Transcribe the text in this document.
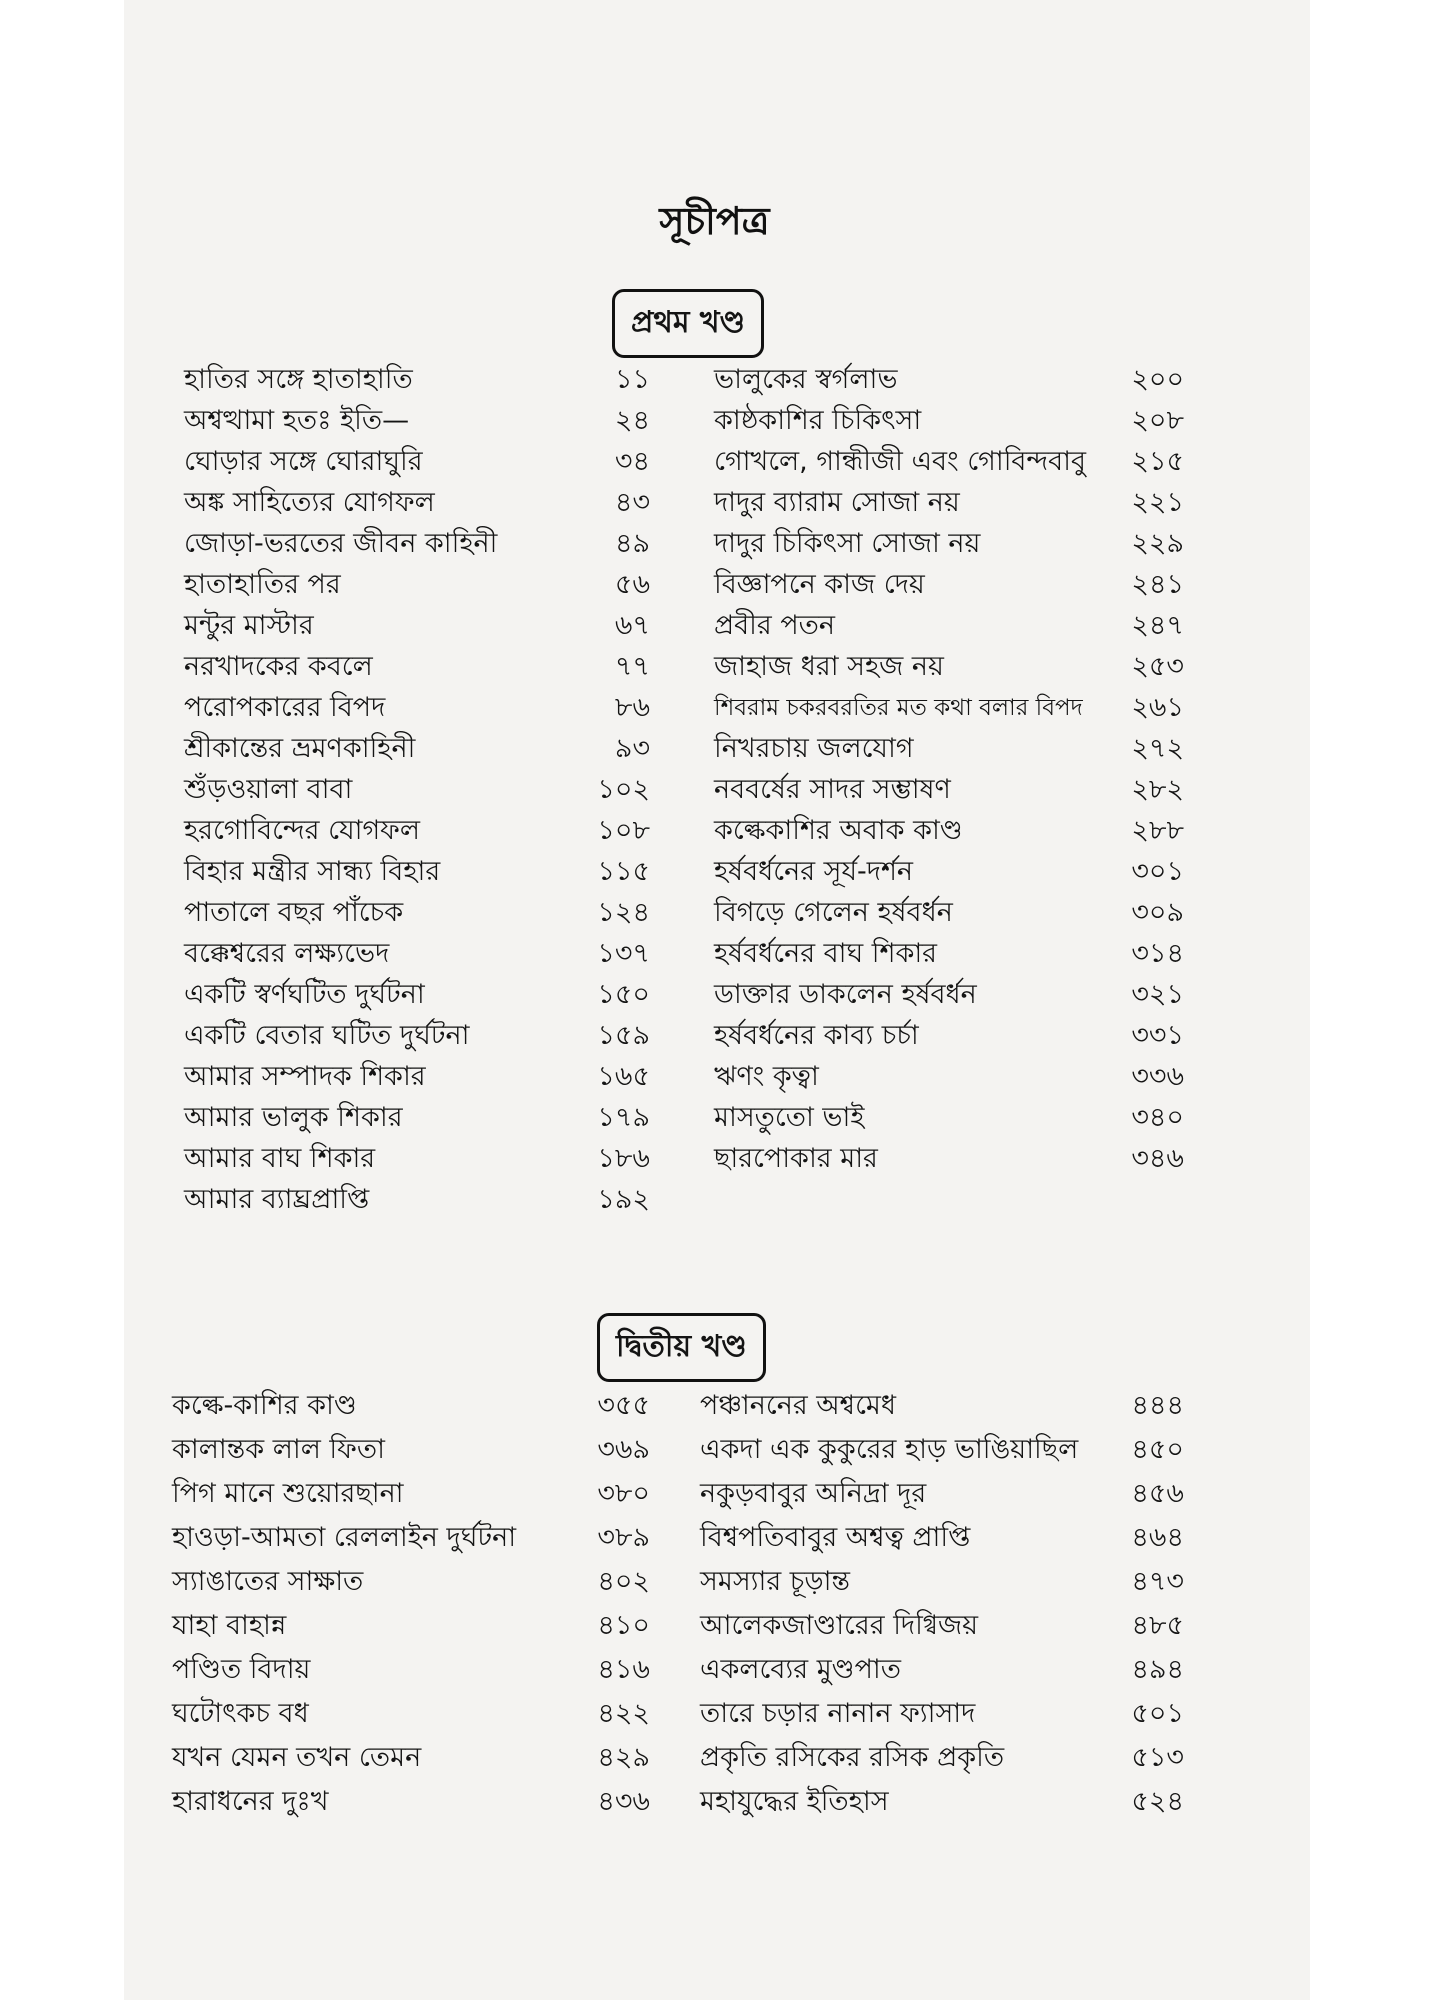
সূচীপত্র
প্রথম খণ্ড
দ্বিতীয় খণ্ড
হাতির সঙ্গে হাতাহাতি	১১
অশ্বত্থামা হতঃ ইতি—	২৪
ঘোড়ার সঙ্গে ঘোরাঘুরি	৩৪
অঙ্ক সাহিত্যের যোগফল	৪৩
জোড়া-ভরতের জীবন কাহিনী	৪৯
হাতাহাতির পর	৫৬
মন্টুর মাস্টার	৬৭
নরখাদকের কবলে	৭৭
পরোপকারের বিপদ	৮৬
শ্রীকান্তের ভ্রমণকাহিনী	৯৩
শুঁড়ওয়ালা বাবা	১০২
হরগোবিন্দের যোগফল	১০৮
বিহার মন্ত্রীর সান্ধ্য বিহার	১১৫
পাতালে বছর পাঁচেক	১২৪
বক্কেশ্বরের লক্ষ্যভেদ	১৩৭
একটি স্বর্ণঘটিত দুর্ঘটনা	১৫০
একটি বেতার ঘটিত দুর্ঘটনা	১৫৯
আমার সম্পাদক শিকার	১৬৫
আমার ভালুক শিকার	১৭৯
আমার বাঘ শিকার	১৮৬
আমার ব্যাঘ্রপ্রাপ্তি	১৯২
ভালুকের স্বর্গলাভ	২০০
কাষ্ঠকাশির চিকিৎসা	২০৮
গোখলে, গান্ধীজী এবং গোবিন্দবাবু ২১৫
দাদুর ব্যারাম সোজা নয়	২২১
দাদুর চিকিৎসা সোজা নয়	২২৯
বিজ্ঞাপনে কাজ দেয়	২৪১
প্রবীর পতন	২৪৭
জাহাজ ধরা সহজ নয়	২৫৩
শিবরাম চকরবরতির মত কথা বলার বিপদ ২৬১
নিখরচায় জলযোগ	২৭২
নববর্ষের সাদর সম্ভাষণ	২৮২
কল্কেকাশির অবাক কাণ্ড	২৮৮
হর্ষবর্ধনের সূর্য-দর্শন	৩০১
বিগড়ে গেলেন হর্ষবর্ধন	৩০৯
হর্ষবর্ধনের বাঘ শিকার	৩১৪
ডাক্তার ডাকলেন হর্ষবর্ধন	৩২১
হর্ষবর্ধনের কাব্য চর্চা	৩৩১
ঋণং কৃত্বা	৩৩৬
মাসতুতো ভাই	৩৪০
ছারপোকার মার	৩৪৬
কল্কে-কাশির কাণ্ড	৩৫৫
কালান্তক লাল ফিতা	৩৬৯
পিগ মানে শুয়োরছানা	৩৮০
হাওড়া-আমতা রেললাইন দুর্ঘটনা	৩৮৯
স্যাঙাতের সাক্ষাত	৪০২
যাহা বাহান্ন	৪১০
পণ্ডিত বিদায়	৪১৬
ঘটোৎকচ বধ	৪২২
যখন যেমন তখন তেমন	৪২৯
হারাধনের দুঃখ	৪৩৬
পঞ্চাননের অশ্বমেধ	৪৪৪
একদা এক কুকুরের হাড় ভাঙিয়াছিল ৪৫০
নকুড়বাবুর অনিদ্রা দূর	৪৫৬
বিশ্বপতিবাবুর অশ্বত্ব প্রাপ্তি	৪৬৪
সমস্যার চূড়ান্ত	৪৭৩
আলেকজাণ্ডারের দিগ্বিজয়	৪৮৫
একলব্যের মুণ্ডপাত	৪৯৪
তারে চড়ার নানান ফ্যাসাদ	৫০১
প্রকৃতি রসিকের রসিক প্রকৃতি	৫১৩
মহাযুদ্ধের ইতিহাস	৫২৪
